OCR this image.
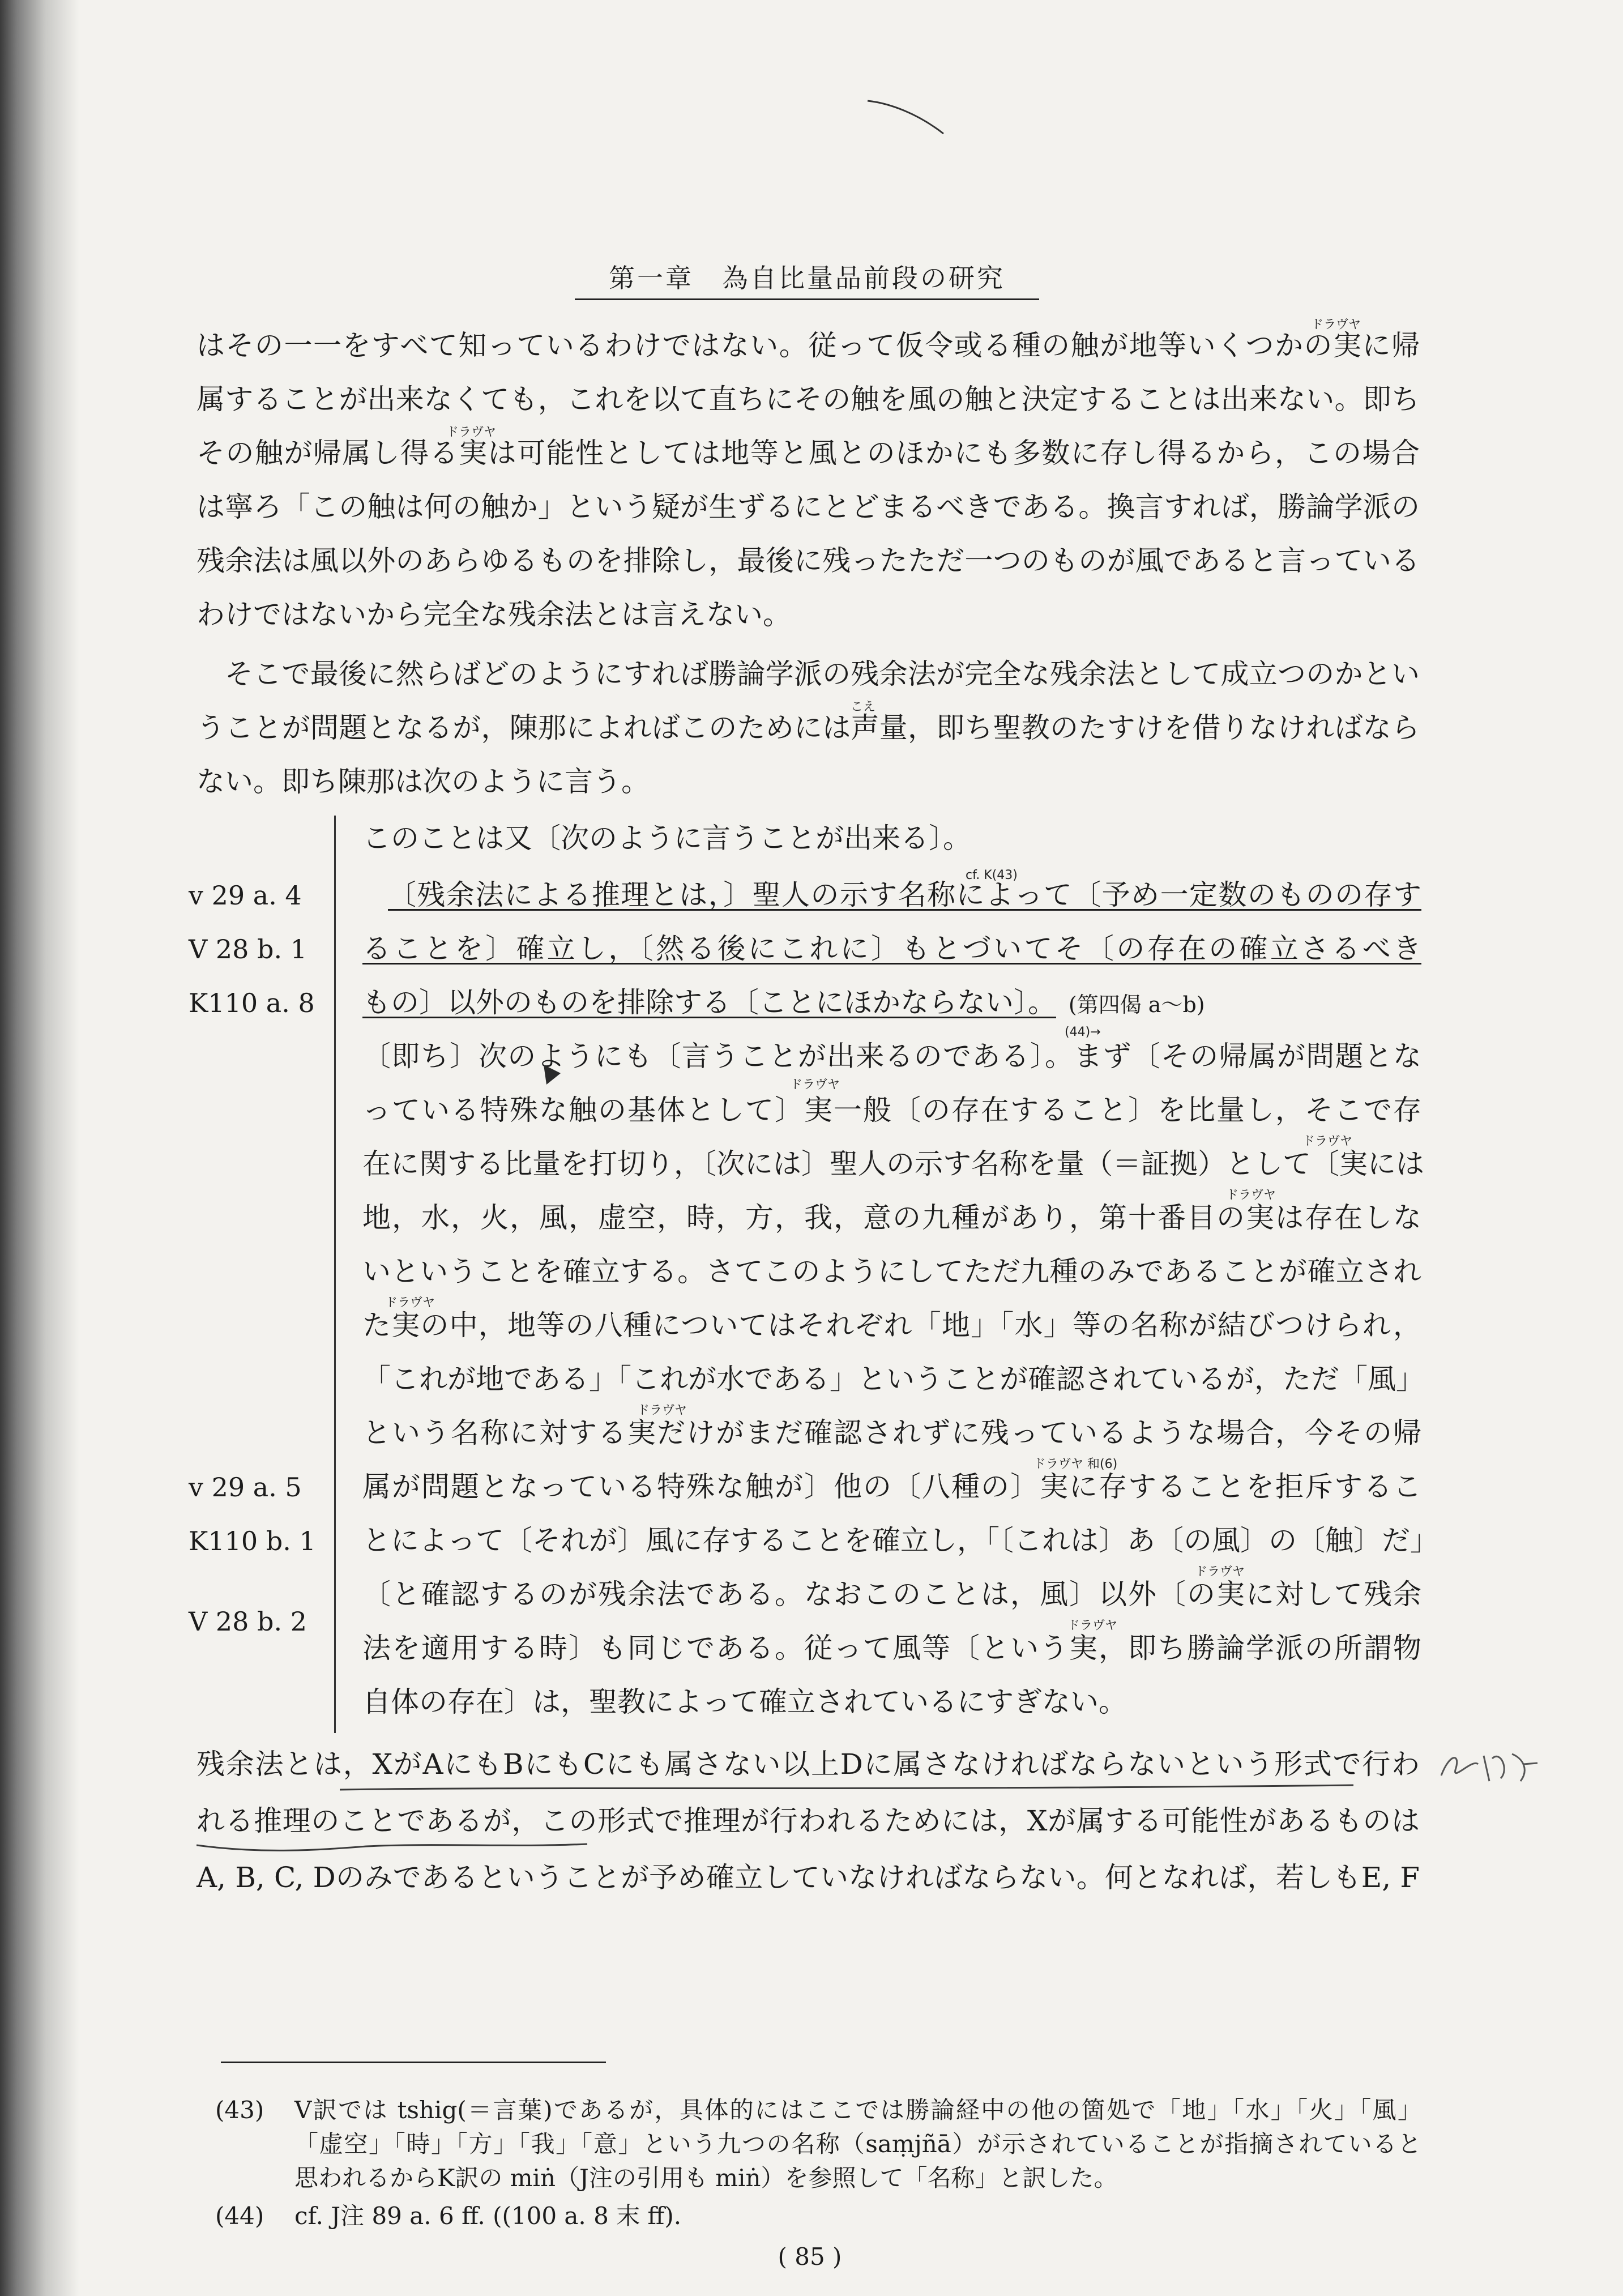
第一章　為自比量品前段の研究
はその一一をすべて知っているわけではない。従って仮令或る種の触が地等いくつかの実に帰
ドラヴヤ
属することが出来なくても，これを以て直ちにその触を風の触と決定することは出来ない。即ち
その触が帰属し得る実は可能性としては地等と風とのほかにも多数に存し得るから，この場合
ドラヴヤ
は寧ろ「この触は何の触か」という疑が生ずるにとどまるべきである。換言すれば，勝論学派の
残余法は風以外のあらゆるものを排除し，最後に残ったただ一つのものが風であると言っている
わけではないから完全な残余法とは言えない。
そこで最後に然らばどのようにすれば勝論学派の残余法が完全な残余法として成立つのかとい
うことが問題となるが，陳那によればこのためには声量，即ち聖教のたすけを借りなければなら
こえ
ない。即ち陳那は次のように言う。
このことは又〔次のように言うことが出来る〕。
cf. K(43)
〔残余法による推理とは，〕聖人の示す名称によって〔予め一定数のものの存す
ることを〕確立し，〔然る後にこれに〕もとづいてそ〔の存在の確立さるべき
もの〕以外のものを排除する〔ことにほかならない〕。 (第四偈 a～b)
(44)→
〔即ち〕次のようにも〔言うことが出来るのである〕。まず〔その帰属が問題とな
ドラヴヤ
っている特殊な触の基体として〕実一般〔の存在すること〕を比量し，そこで存
ドラヴヤ
在に関する比量を打切り，〔次には〕聖人の示す名称を量（＝証拠）として〔実には
ドラヴヤ
地，水，火，風，虚空，時，方，我，意の九種があり，第十番目の実は存在しな
いということを確立する。さてこのようにしてただ九種のみであることが確立され
ドラヴヤ
た実の中，地等の八種についてはそれぞれ「地」「水」等の名称が結びつけられ，
「これが地である」「これが水である」ということが確認されているが，ただ「風」
ドラヴヤ
という名称に対する実だけがまだ確認されずに残っているような場合，今その帰
ドラヴヤ 和(6)
属が問題となっている特殊な触が〕他の〔八種の〕実に存することを拒斥するこ
とによって〔それが〕風に存することを確立し，「〔これは〕あ〔の風〕の〔触〕だ」
ドラヴヤ
〔と確認するのが残余法である。なおこのことは，風〕以外〔の実に対して残余
ドラヴヤ
法を適用する時〕も同じである。従って風等〔という実，即ち勝論学派の所謂物
自体の存在〕は，聖教によって確立されているにすぎない。
v 29 a. 4
V 28 b. 1
K110 a. 8
v 29 a. 5
K110 b. 1
V 28 b. 2
残余法とは，XがAにもBにもCにも属さない以上Dに属さなければならないという形式で行わ
れる推理のことであるが，この形式で推理が行われるためには，Xが属する可能性があるものは
A, B, C, Dのみであるということが予め確立していなければならない。何となれば，若しもE, F
(43) V訳では tshig(＝言葉)であるが，具体的にはここでは勝論経中の他の箇処で「地」「水」「火」「風」
「虚空」「時」「方」「我」「意」という九つの名称（saṃjñā）が示されていることが指摘されていると
思われるからK訳の miṅ（J注の引用も miṅ）を参照して「名称」と訳した。
(44) cf. J注 89 a. 6 ff. ((100 a. 8 末 ff).
( 85 )
